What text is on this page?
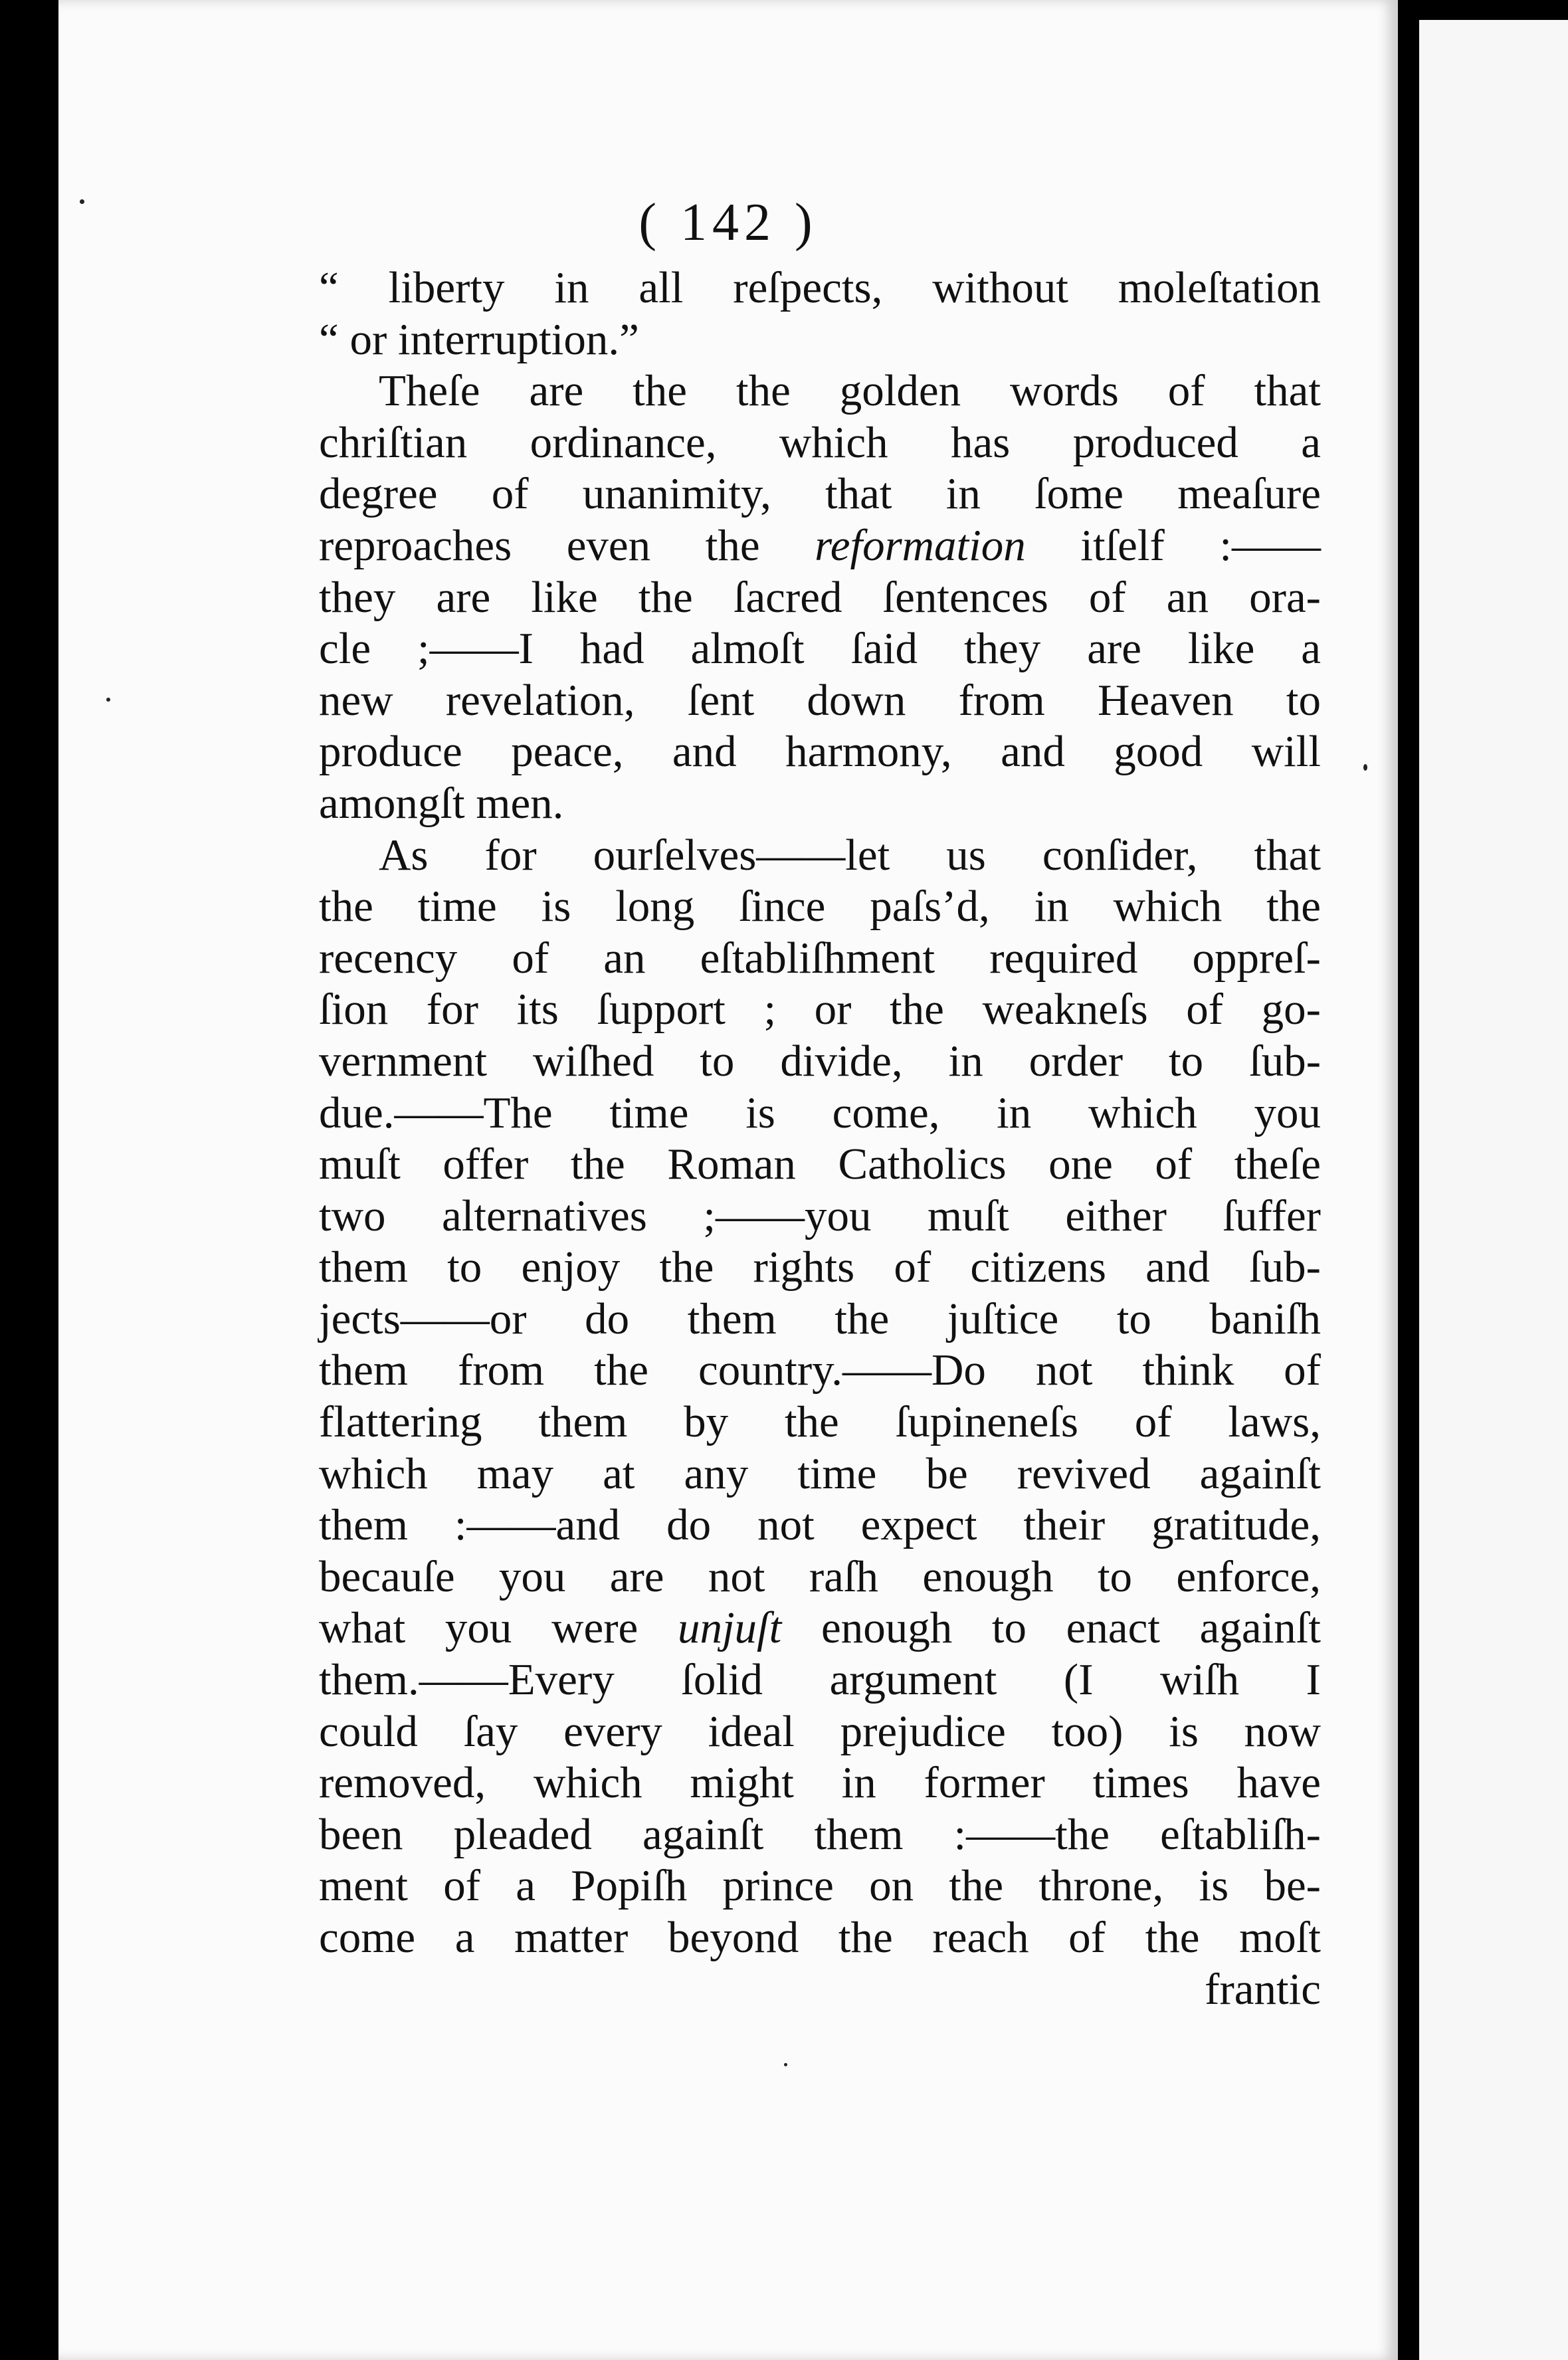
( 142 )
“ liberty in all reſpects, without moleſtation
“ or interruption.”
Theſe are the the golden words of that
chriſtian ordinance, which has produced a
degree of unanimity, that in ſome meaſure
reproaches even the reformation itſelf :——
they are like the ſacred ſentences of an ora-
cle ;——I had almoſt ſaid they are like a
new revelation, ſent down from Heaven to
produce peace, and harmony, and good will
amongſt men.
As for ourſelves——let us conſider, that
the time is long ſince paſs’d, in which the
recency of an eſtabliſhment required oppreſ-
ſion for its ſupport ; or the weakneſs of go-
vernment wiſhed to divide, in order to ſub-
due.——The time is come, in which you
muſt offer the Roman Catholics one of theſe
two alternatives ;——you muſt either ſuffer
them to enjoy the rights of citizens and ſub-
jects——or do them the juſtice to baniſh
them from the country.——Do not think of
flattering them by the ſupineneſs of laws,
which may at any time be revived againſt
them :——and do not expect their gratitude,
becauſe you are not raſh enough to enforce,
what you were unjuſt enough to enact againſt
them.——Every ſolid argument (I wiſh I
could ſay every ideal prejudice too) is now
removed, which might in former times have
been pleaded againſt them :——the eſtabliſh-
ment of a Popiſh prince on the throne, is be-
come a matter beyond the reach of the moſt
frantic
